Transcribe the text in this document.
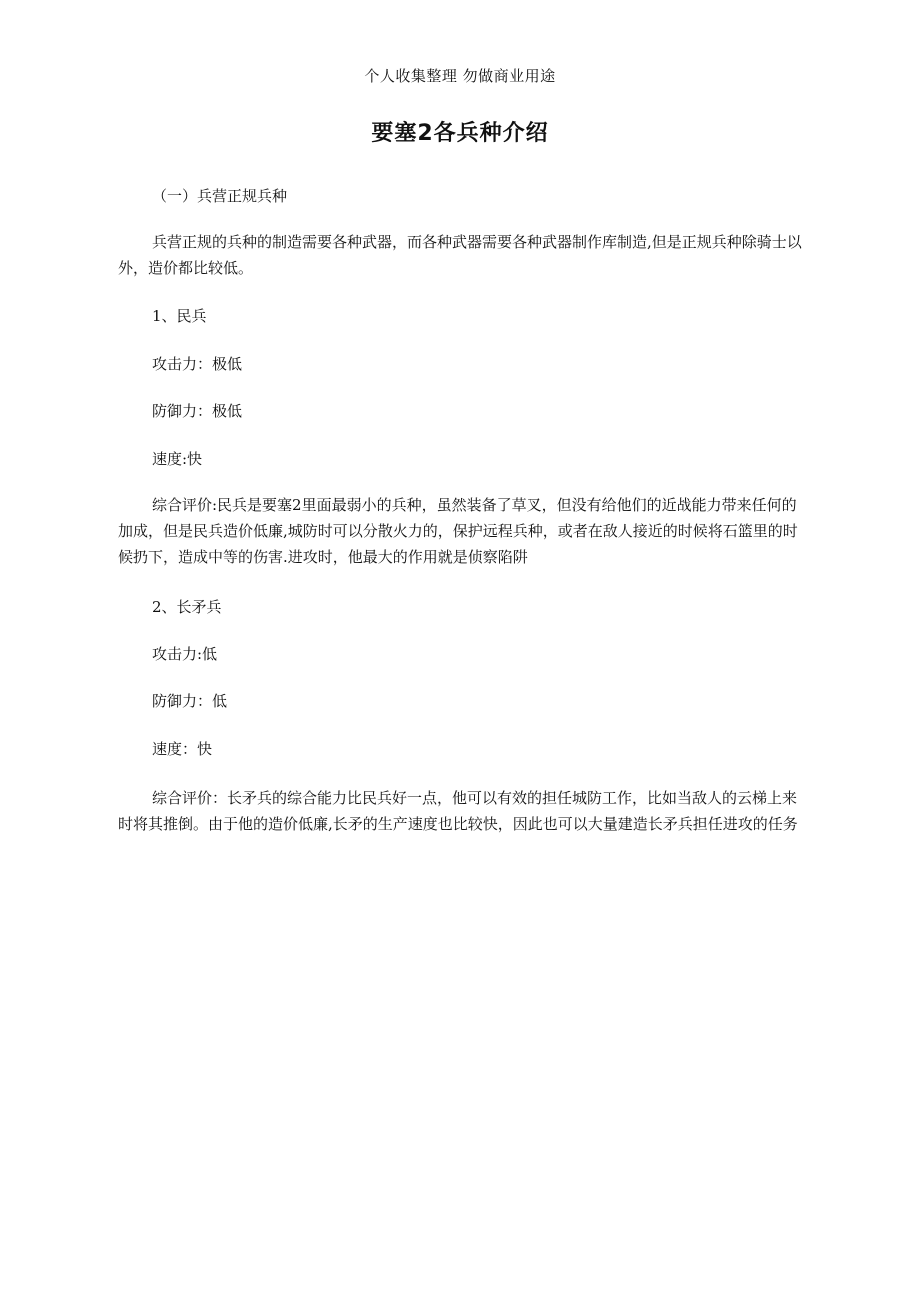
个人收集整理 勿做商业用途
要塞2各兵种介绍
（一）兵营正规兵种
兵营正规的兵种的制造需要各种武器，而各种武器需要各种武器制作库制造,但是正规兵种除骑士以外，造价都比较低。
1、民兵
攻击力：极低
防御力：极低
速度:快
综合评价:民兵是要塞2里面最弱小的兵种，虽然装备了草叉，但没有给他们的近战能力带来任何的加成，但是民兵造价低廉,城防时可以分散火力的，保护远程兵种，或者在敌人接近的时候将石篮里的时候扔下，造成中等的伤害.进攻时，他最大的作用就是侦察陷阱
2、长矛兵
攻击力:低
防御力：低
速度：快
综合评价：长矛兵的综合能力比民兵好一点，他可以有效的担任城防工作，比如当敌人的云梯上来时将其推倒。由于他的造价低廉,长矛的生产速度也比较快，因此也可以大量建造长矛兵担任进攻的任务
